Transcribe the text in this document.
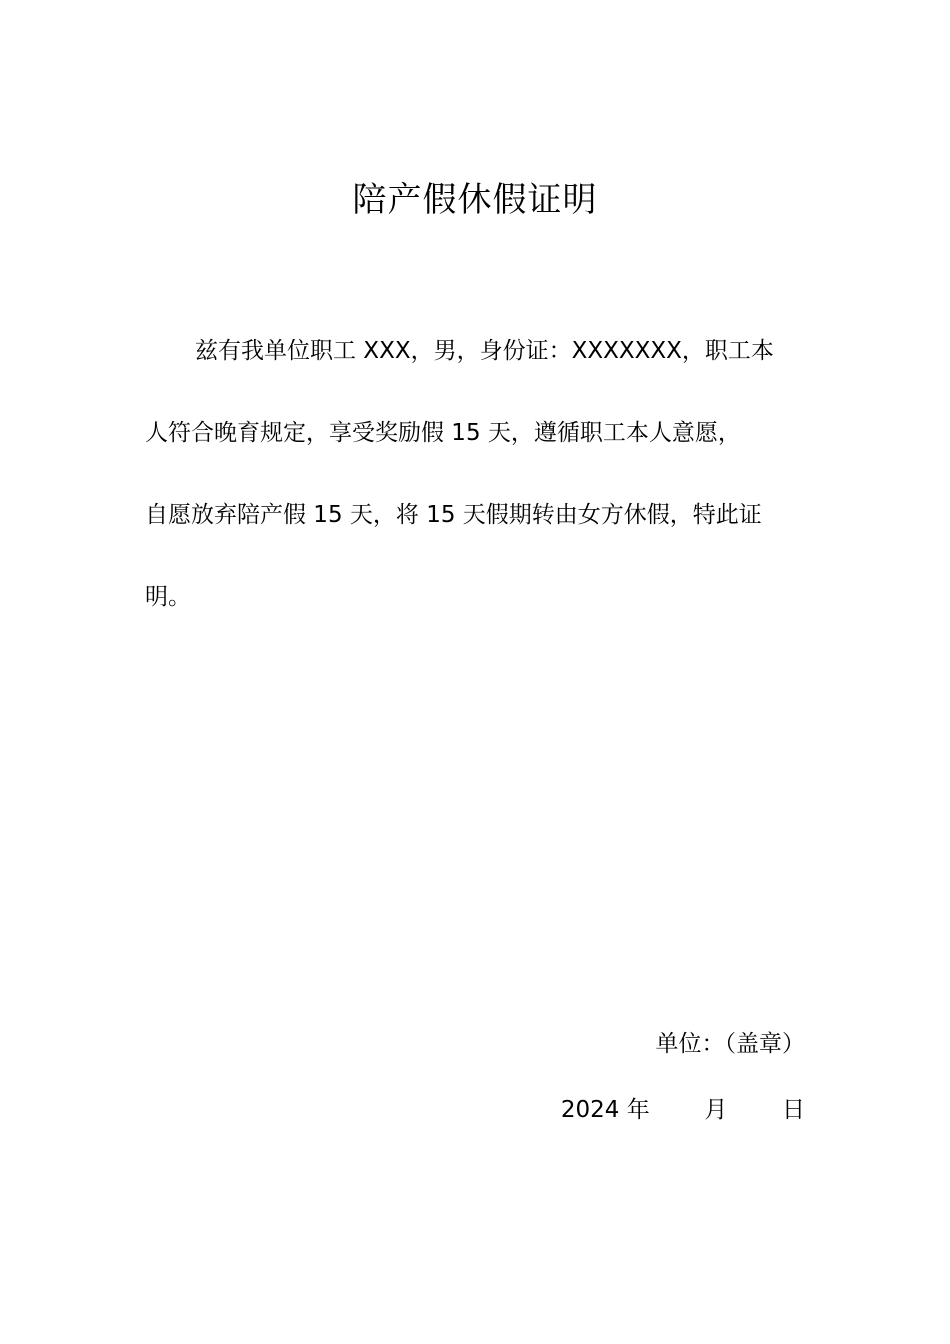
陪产假休假证明
兹有我单位职工 XXX，男，身份证：XXXXXXX，职工本
人符合晚育规定，享受奖励假 15 天，遵循职工本人意愿，
自愿放弃陪产假 15 天，将 15 天假期转由女方休假，特此证
明。
单位：（盖章）
2024 年 月 日
